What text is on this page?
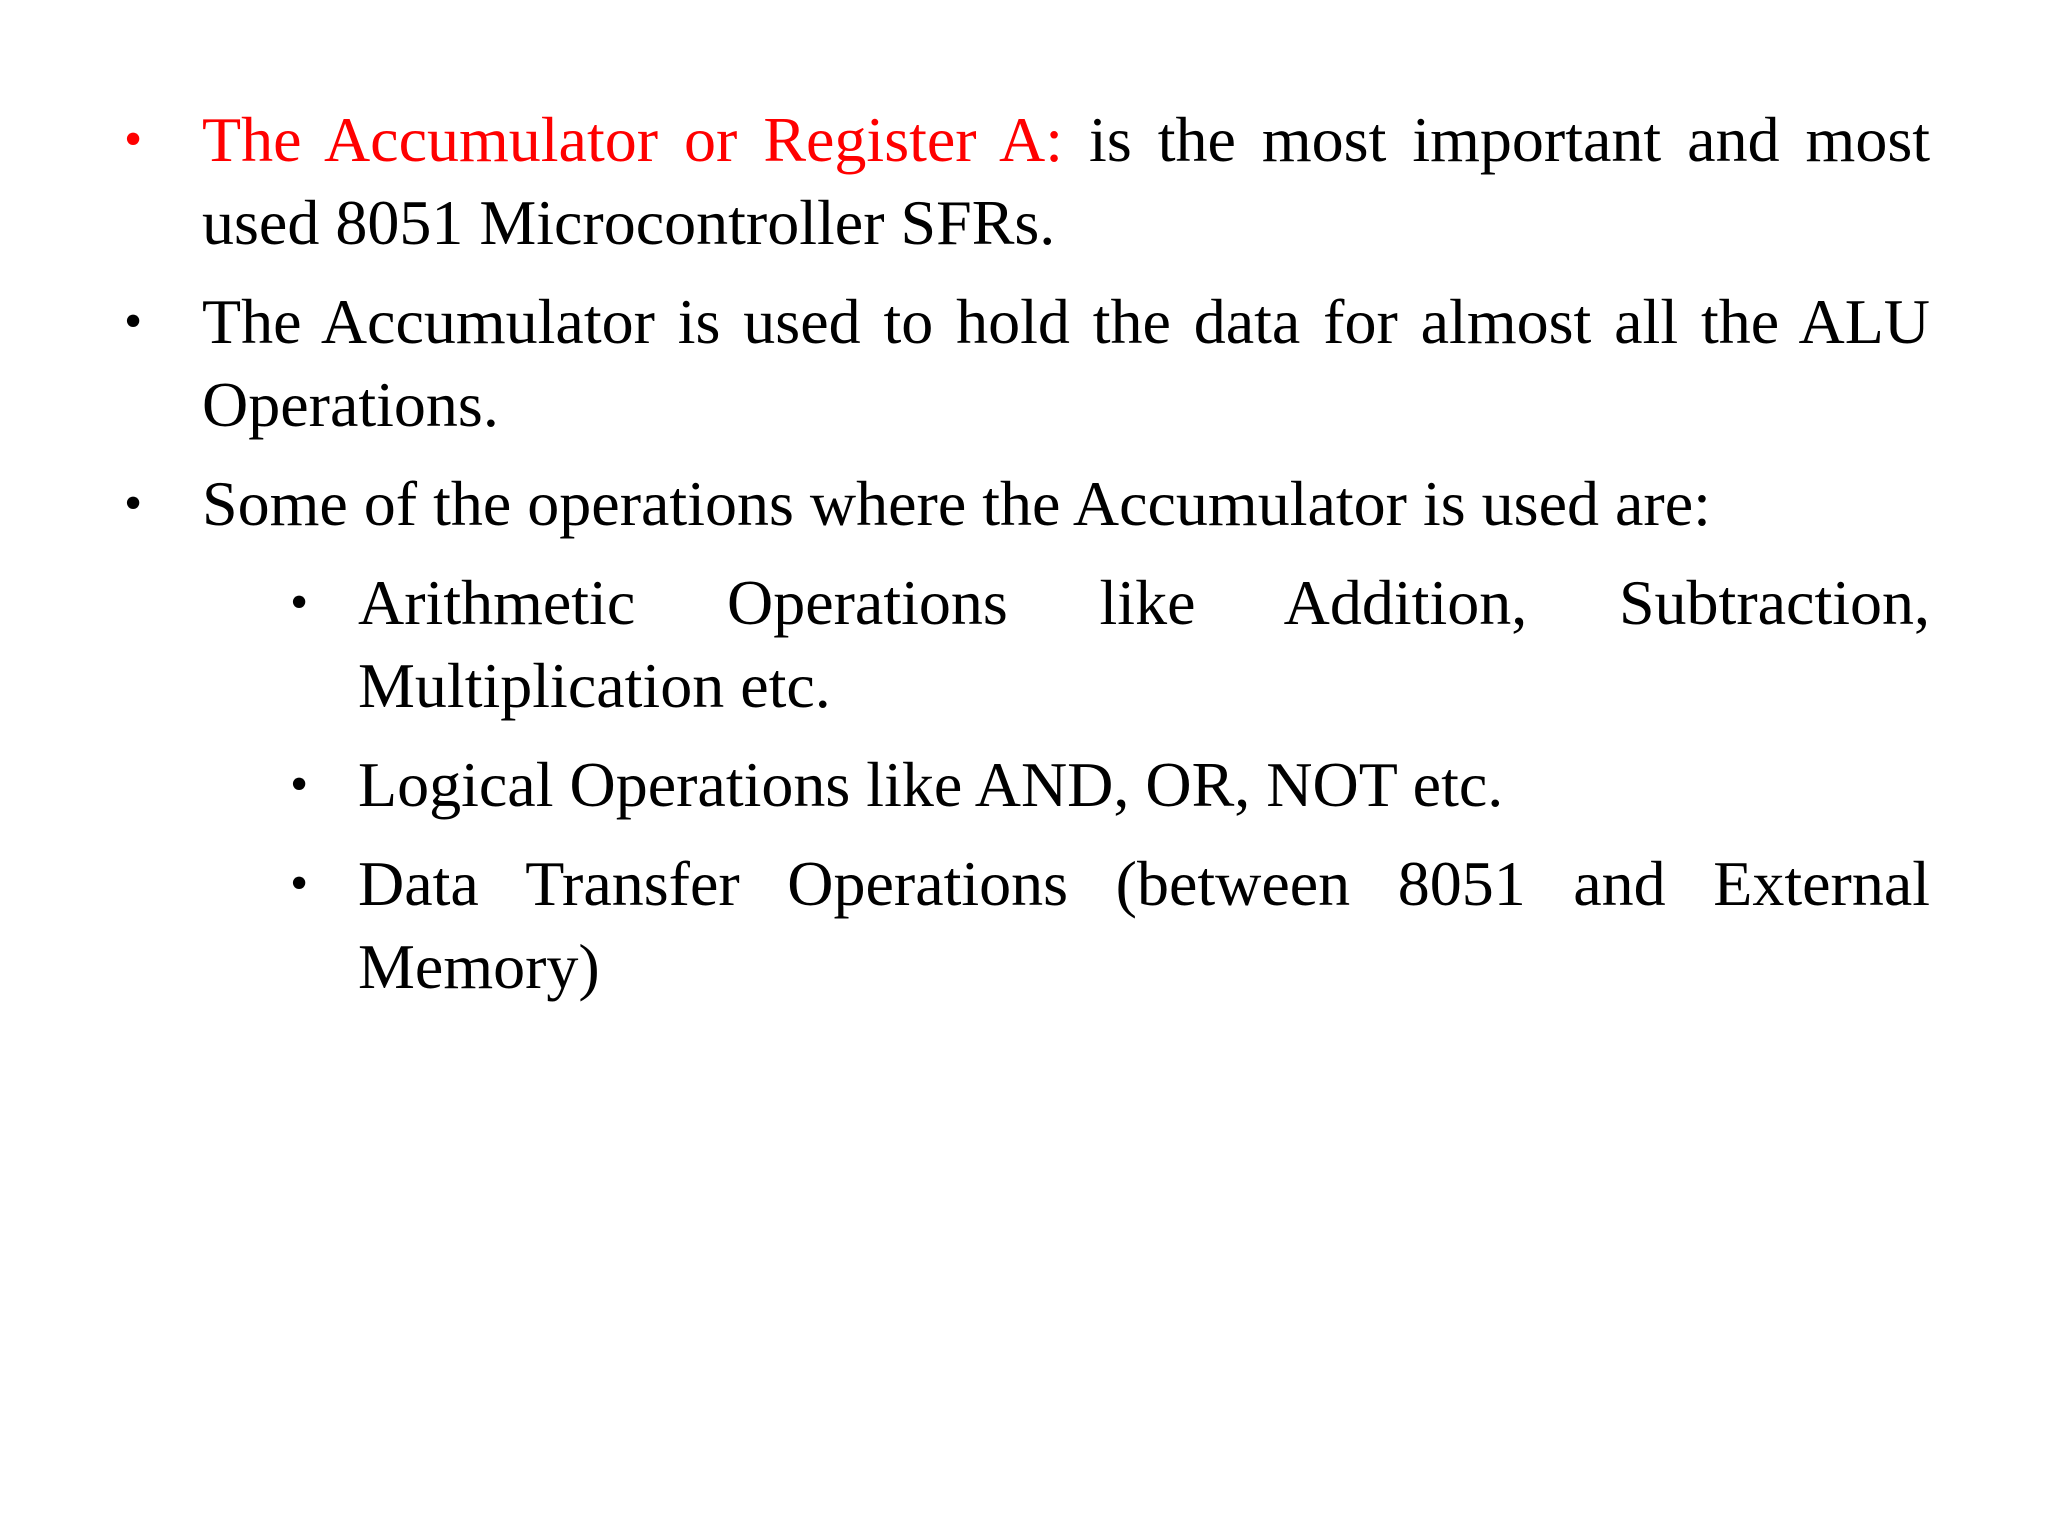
• The Accumulator or Register A: is the most important and most used 8051 Microcontroller SFRs.
• The Accumulator is used to hold the data for almost all the ALU Operations.
• Some of the operations where the Accumulator is used are:
• Arithmetic Operations like Addition, Subtraction, Multiplication etc.
• Logical Operations like AND, OR, NOT etc.
• Data Transfer Operations (between 8051 and External Memory)
